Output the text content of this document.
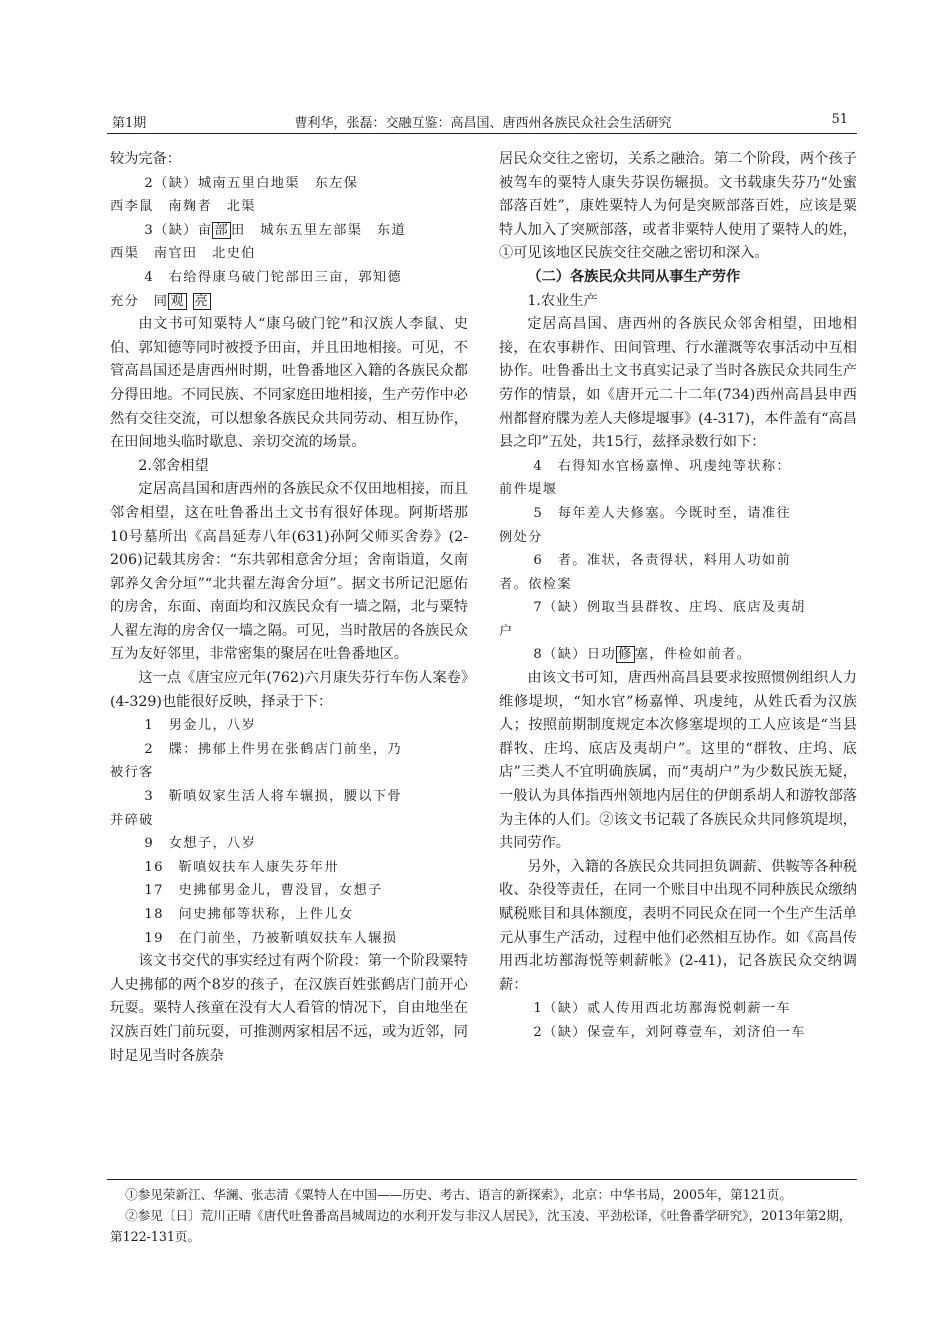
第1期	曹利华，张磊：交融互鉴：高昌国、唐西州各族民众社会生活研究	51

较为完备：

2（缺）城南五里白地渠　东左保

西李鼠　南麹者　北渠

3（缺）亩 部 田　城东五里左部渠　东道

西渠　南官田　北史伯

4　右给得康乌破门铊部田三亩，郭知德

充分　同 观 亮

由文书可知粟特人“康乌破门铊”和汉族人李鼠、史伯、郭知德等同时被授予田亩，并且田地相接。可见，不管高昌国还是唐西州时期，吐鲁番地区入籍的各族民众都分得田地。不同民族、不同家庭田地相接，生产劳作中必然有交往交流，可以想象各族民众共同劳动、相互协作，在田间地头临时歇息、亲切交流的场景。

2.邻舍相望

定居高昌国和唐西州的各族民众不仅田地相接，而且邻舍相望，这在吐鲁番出土文书有很好体现。阿斯塔那10号墓所出《高昌延寿八年(631)孙阿父师买舍券》(2-206)记载其房舍：“东共郭相意舍分垣；舍南诣道，夂南郭养夂舍分垣”“北共翟左海舍分垣”。据文书所记汜愿佑的房舍，东面、南面均和汉族民众有一墙之隔，北与粟特人翟左海的房舍仅一墙之隔。可见，当时散居的各族民众互为友好邻里，非常密集的聚居在吐鲁番地区。

这一点《唐宝应元年(762)六月康失芬行车伤人案卷》(4-329)也能很好反映，择录于下：

1　男金儿，八岁

2　牒：拂郁上件男在张鹤店门前坐，乃

被行客

3　靳嗔奴家生活人将车辗损，腰以下骨

并碎破

9　女想子，八岁

16　靳嗔奴扶车人康失芬年卅

17　史拂郁男金儿，曹没冒，女想子

18　问史拂郁等状称，上件儿女

19　在门前坐，乃被靳嗔奴扶车人辗损

该文书交代的事实经过有两个阶段：第一个阶段粟特人史拂郁的两个8岁的孩子，在汉族百姓张鹤店门前开心玩耍。粟特人孩童在没有大人看管的情况下，自由地坐在汉族百姓门前玩耍，可推测两家相居不远，或为近邻，同时足见当时各族杂

居民众交往之密切，关系之融洽。第二个阶段，两个孩子被驾车的粟特人康失芬误伤辗损。文书载康失芬乃“处蜜部落百姓”，康姓粟特人为何是突厥部落百姓，应该是粟特人加入了突厥部落，或者非粟特人使用了粟特人的姓，①可见该地区民族交往交融之密切和深入。

（二）各族民众共同从事生产劳作

1.农业生产

定居高昌国、唐西州的各族民众邻舍相望，田地相接，在农事耕作、田间管理、行水灌溉等农事活动中互相协作。吐鲁番出土文书真实记录了当时各族民众共同生产劳作的情景，如《唐开元二十二年(734)西州高昌县申西州都督府牒为差人夫修堤堰事》(4-317)，本件盖有“高昌县之印”五处，共15行，兹择录数行如下：

4　右得知水官杨嘉惮、巩虔纯等状称：

前件堤堰

5　每年差人夫修塞。今既时至，请准往

例处分

6　者。准状，各责得状，料用人功如前

者。依检案

7（缺）例取当县群牧、庄坞、底店及夷胡

户

8（缺）日功 修 塞，件检如前者。

由该文书可知，唐西州高昌县要求按照惯例组织人力维修堤坝，“知水官”杨嘉惮、巩虔纯，从姓氏看为汉族人；按照前期制度规定本次修塞堤坝的工人应该是“当县群牧、庄坞、底店及夷胡户”。这里的“群牧、庄坞、底店”三类人不宜明确族属，而“夷胡户”为少数民族无疑，一般认为具体指西州领地内居住的伊朗系胡人和游牧部落为主体的人们。②该文书记载了各族民众共同修筑堤坝，共同劳作。

另外，入籍的各族民众共同担负调薪、供鞍等各种税收、杂役等责任，在同一个账目中出现不同种族民众缴纳赋税账目和具体额度，表明不同民众在同一个生产生活单元从事生产活动，过程中他们必然相互协作。如《高昌传用西北坊鄯海悦等刺薪帐》(2-41)，记各族民众交纳调薪：

1（缺）贰人传用西北坊鄯海悦刺薪一车

2（缺）保壹车，刘阿尊壹车，刘济伯一车

①参见荣新江、华澜、张志清《粟特人在中国——历史、考古、语言的新探索》，北京：中华书局，2005年，第121页。

②参见〔日〕荒川正晴《唐代吐鲁番高昌城周边的水利开发与非汉人居民》，沈玉凌、平劲松译，《吐鲁番学研究》，2013年第2期，第122-131页。
